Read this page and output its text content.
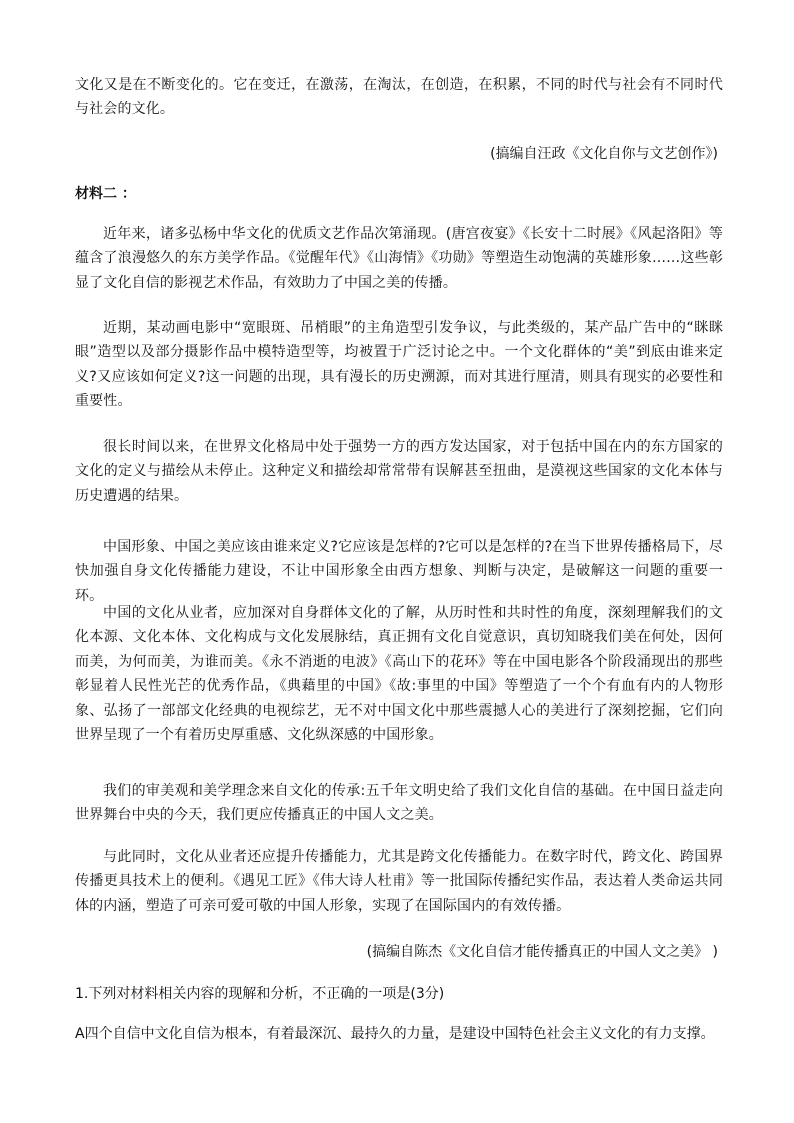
文化又是在不断变化的。它在变迁，在激荡，在淘汰，在创造，在积累，不同的时代与社会有不同时代与社会的文化。

(搞编自汪政《文化自你与文艺创作》)

材料二 ：

近年来，诸多弘杨中华文化的优质文艺作品次第涌现。(唐宫夜宴》《长安十二时展》《风起洛阳》等蕴含了浪漫悠久的东方美学作品。《觉醒年代》《山海情》《功勋》等塑造生动饱满的英雄形象……这些彰显了文化自信的影视艺术作品，有效助力了中国之美的传播。

近期，某动画电影中“宽眼斑、吊梢眼”的主角造型引发争议，与此类级的，某产品广告中的“眯眯眼”造型以及部分摄影作品中模特造型等，均被置于广泛讨论之中。一个文化群体的“美”到底由谁来定义?又应该如何定义?这一问题的出现，具有漫长的历史溯源，而对其进行厘清，则具有现实的必要性和重要性。

很长时间以来，在世界文化格局中处于强势一方的西方发达国家，对于包括中国在内的东方国家的文化的定义与描绘从未停止。这种定义和描绘却常常带有误解甚至扭曲，是漠视这些国家的文化本体与历史遭遇的结果。

中国形象、中国之美应该由谁来定义?它应该是怎样的?它可以是怎样的?在当下世界传播格局下，尽快加强自身文化传播能力建设，不让中国形象全由西方想象、判断与决定，是破解这一问题的重要一环。

中国的文化从业者，应加深对自身群体文化的了解，从历时性和共时性的角度，深刻理解我们的文化本源、文化本体、文化构成与文化发展脉结，真正拥有文化自觉意识，真切知晓我们美在何处，因何而美，为何而美，为谁而美。《永不消逝的电波》《高山下的花环》等在中国电影各个阶段涌现出的那些彰显着人民性光芒的优秀作品，《典藉里的中国》《故:事里的中国》等塑造了一个个有血有内的人物形象、弘扬了一部部文化经典的电视综艺，无不对中国文化中那些震撼人心的美进行了深刻挖掘，它们向世界呈现了一个有着历史厚重感、文化纵深感的中国形象。

我们的审美观和美学理念来自文化的传承:五千年文明史给了我们文化自信的基础。在中国日益走向世界舞台中央的今天，我们更应传播真正的中国人文之美。

与此同时，文化从业者还应提升传播能力，尤其是跨文化传播能力。在数字时代，跨文化、跨国界传播更具技术上的便利。《遇见工匠》《伟大诗人杜甫》等一批国际传播纪实作品，表达着人类命运共同体的内涵，塑造了可亲可爱可敬的中国人形象，实现了在国际国内的有效传播。

(搞编自陈杰《文化自信才能传播真正的中国人文之美》 )

1.下列对材料相关内容的现解和分析，不正确的一项是(3分)

A四个自信中文化自信为根本，有着最深沉、最持久的力量，是建设中国特色社会主义文化的有力支撑。
